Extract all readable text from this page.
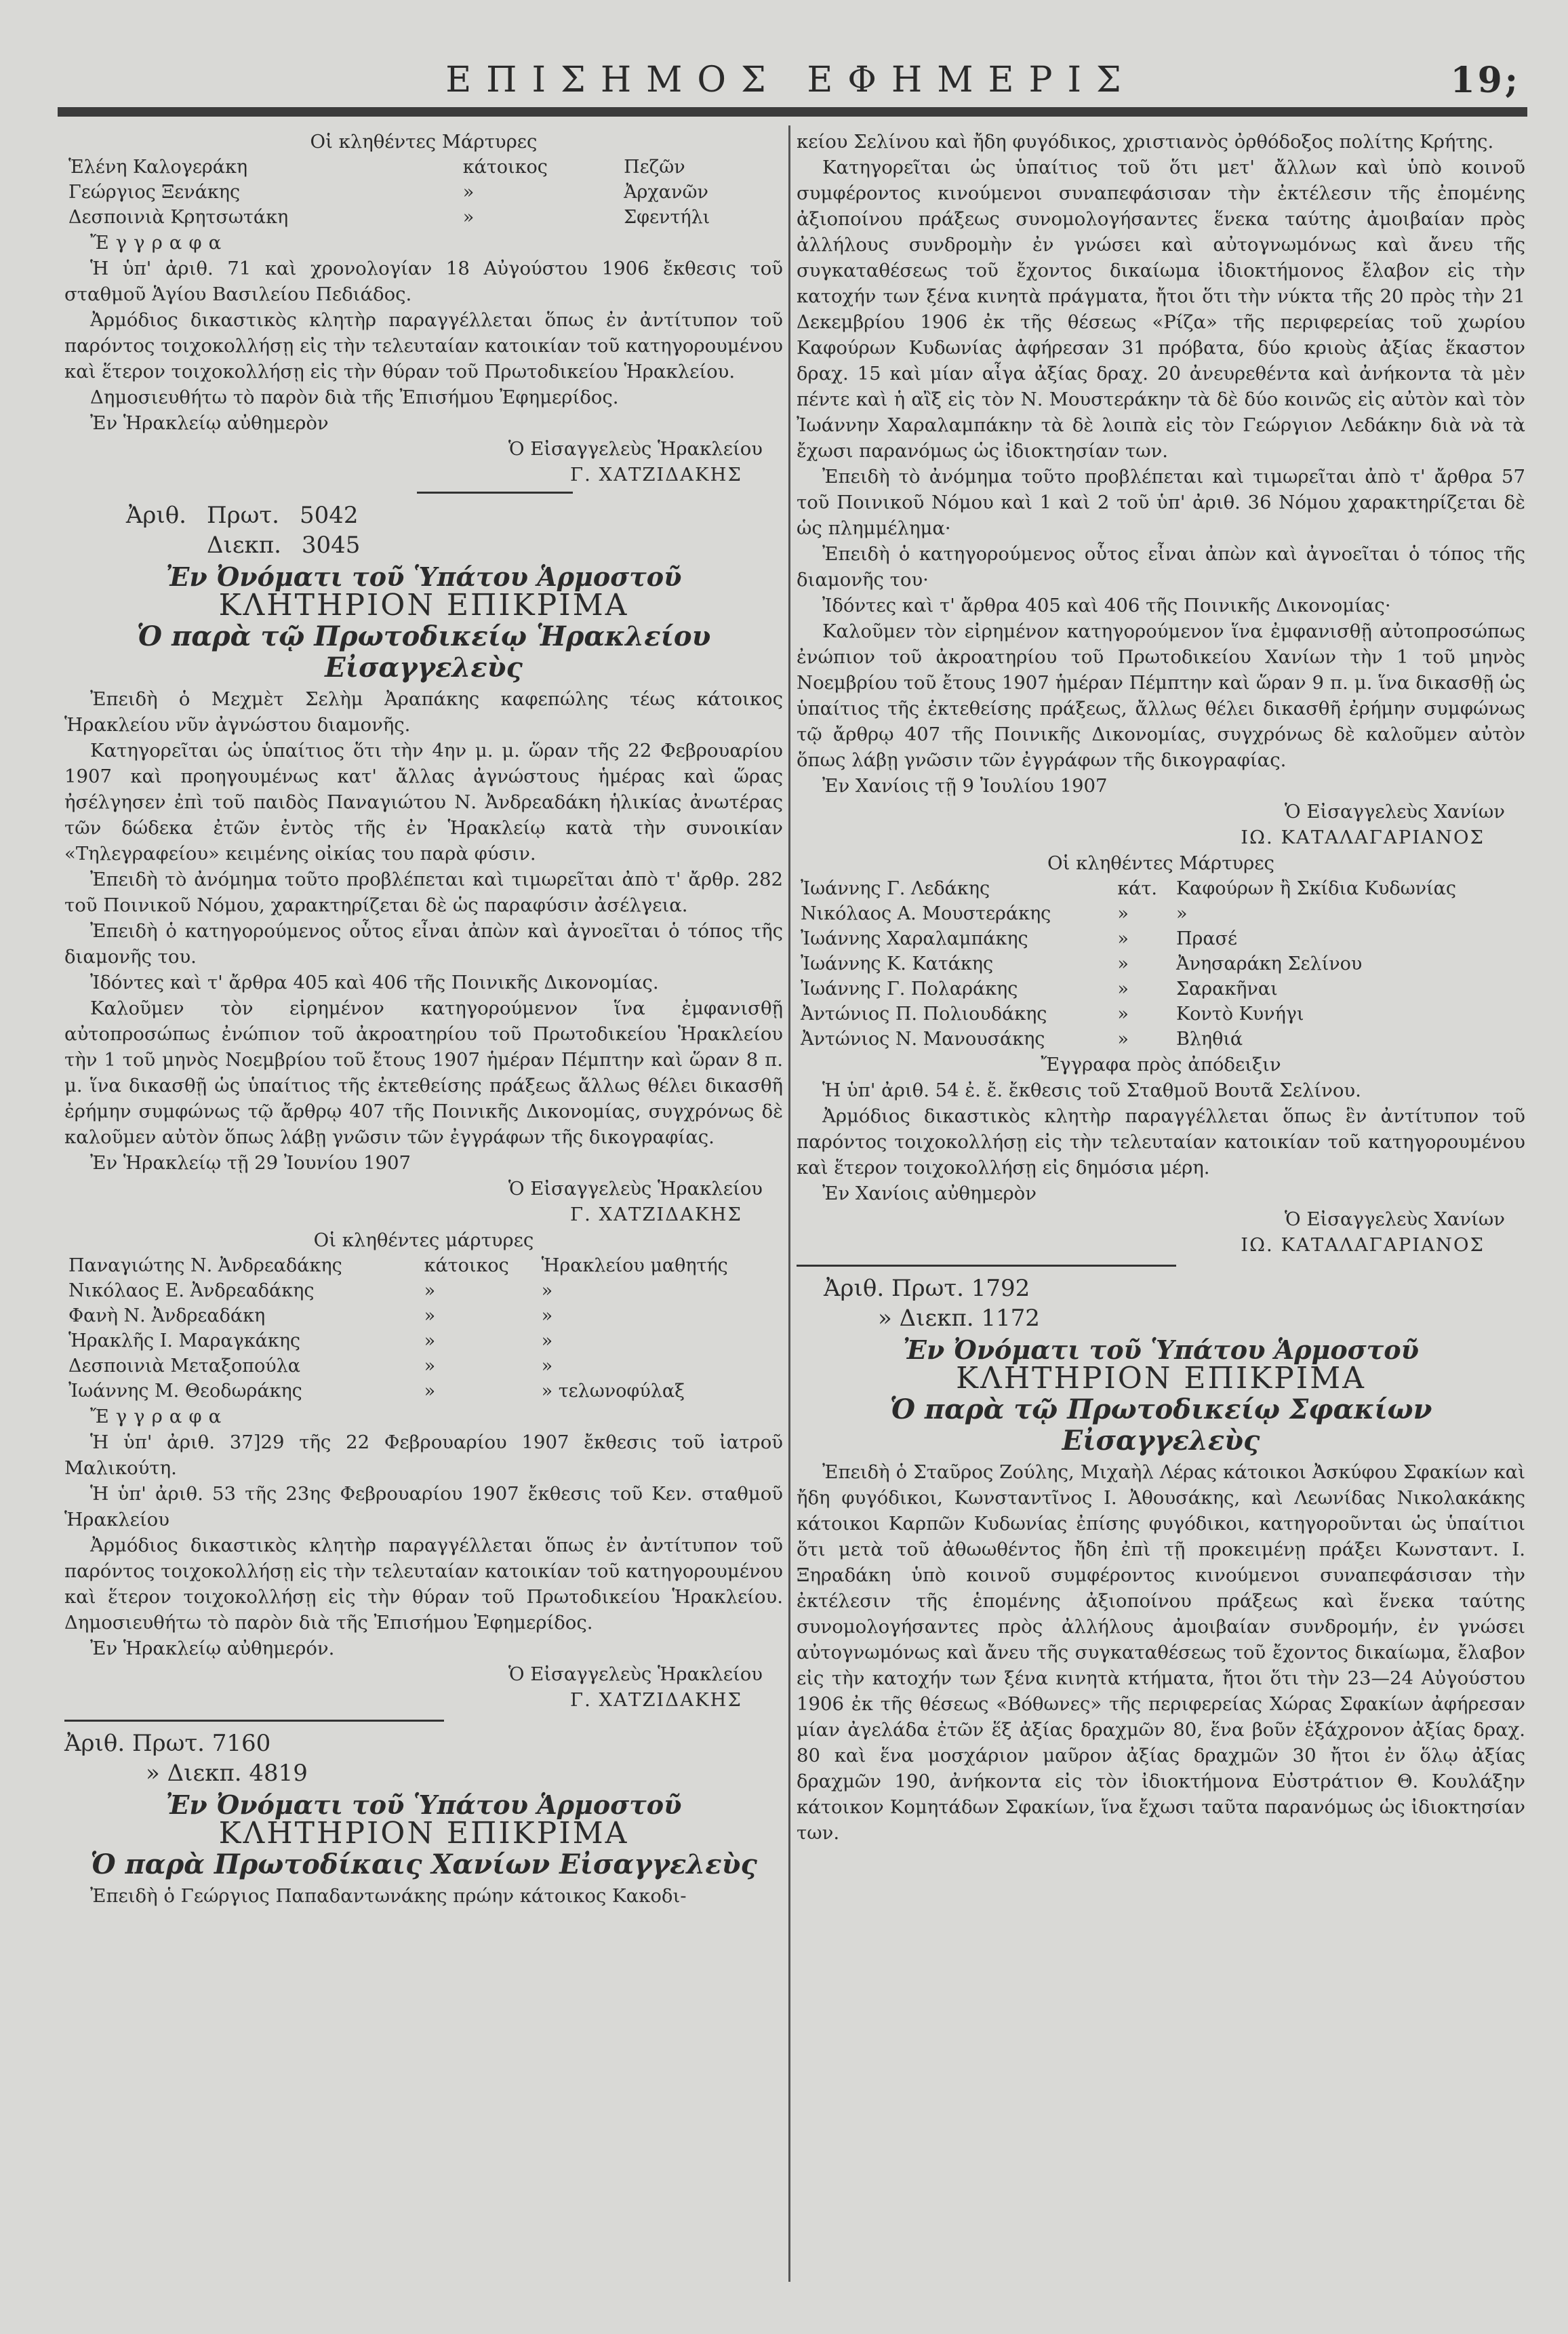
ΕΠΙΣΗΜΟΣ ΕΦΗΜΕΡΙΣ	19;

Οἱ κληθέντες Μάρτυρες

Ἑλένη Καλογεράκη	κάτοικος	Πεζῶν
Γεώργιος Ξενάκης	»	Ἀρχανῶν
Δεσποινιὰ Κρητσωτάκη	»	Σφεντήλι

Ἔγγραφα

Ἡ ὑπ' ἀριθ. 71 καὶ χρονολογίαν 18 Αὐγούστου 1906 ἔκθεσις τοῦ σταθμοῦ Ἁγίου Βασιλείου Πεδιάδος.

Ἀρμόδιος δικαστικὸς κλητὴρ παραγγέλλεται ὅπως ἐν ἀντίτυπον τοῦ παρόντος τοιχοκολλήσῃ εἰς τὴν τελευταίαν κατοικίαν τοῦ κατηγορουμένου καὶ ἕτερον τοιχοκολλήσῃ εἰς τὴν θύραν τοῦ Πρωτοδικείου Ἡρακλείου.

Δημοσιευθήτω τὸ παρὸν διὰ τῆς Ἐπισήμου Ἐφημερίδος.

Ἐν Ἡρακλείῳ αὐθημερὸν

Ὁ Εἰσαγγελεὺς Ἡρακλείου

Γ. ΧΑΤΖΙΔΑΚΗΣ

Ἀριθ. Πρωτ. 5042
Διεκπ. 3045
Ἐν Ὀνόματι τοῦ Ὑπάτου Ἁρμοστοῦ
ΚΛΗΤΗΡΙΟΝ ΕΠΙΚΡΙΜΑ
Ὁ παρὰ τῷ Πρωτοδικείῳ Ἡρακλείου Εἰσαγγελεὺς

Ἐπειδὴ ὁ Μεχμὲτ Σελὴμ Ἀραπάκης καφεπώλης τέως κάτοικος Ἡρακλείου νῦν ἀγνώστου διαμονῆς.

Κατηγορεῖται ὡς ὑπαίτιος ὅτι τὴν 4ην μ. μ. ὥραν τῆς 22 Φεβρουαρίου 1907 καὶ προηγουμένως κατ' ἄλλας ἀγνώστους ἡμέρας καὶ ὥρας ἠσέλγησεν ἐπὶ τοῦ παιδὸς Παναγιώτου Ν. Ἀνδρεαδάκη ἡλικίας ἀνωτέρας τῶν δώδεκα ἐτῶν ἐντὸς τῆς ἐν Ἡρακλείῳ κατὰ τὴν συνοικίαν «Τηλεγραφείου» κειμένης οἰκίας του παρὰ φύσιν.

Ἐπειδὴ τὸ ἀνόμημα τοῦτο προβλέπεται καὶ τιμωρεῖται ἀπὸ τ' ἄρθρ. 282 τοῦ Ποινικοῦ Νόμου, χαρακτηρίζεται δὲ ὡς παραφύσιν ἀσέλγεια.

Ἐπειδὴ ὁ κατηγορούμενος οὗτος εἶναι ἀπὼν καὶ ἀγνοεῖται ὁ τόπος τῆς διαμονῆς του.

Ἰδόντες καὶ τ' ἄρθρα 405 καὶ 406 τῆς Ποινικῆς Δικονομίας.

Καλοῦμεν τὸν εἰρημένον κατηγορούμενον ἵνα ἐμφανισθῇ αὐτοπροσώπως ἐνώπιον τοῦ ἀκροατηρίου τοῦ Πρωτοδικείου Ἡρακλείου τὴν 1 τοῦ μηνὸς Νοεμβρίου τοῦ ἔτους 1907 ἡμέραν Πέμπτην καὶ ὥραν 8 π. μ. ἵνα δικασθῇ ὡς ὑπαίτιος τῆς ἐκτεθείσης πράξεως ἄλλως θέλει δικασθῆ ἐρήμην συμφώνως τῷ ἄρθρῳ 407 τῆς Ποινικῆς Δικονομίας, συγχρόνως δὲ καλοῦμεν αὐτὸν ὅπως λάβῃ γνῶσιν τῶν ἐγγράφων τῆς δικογραφίας.

Ἐν Ἡρακλείῳ τῇ 29 Ἰουνίου 1907

Ὁ Εἰσαγγελεὺς Ἡρακλείου

Γ. ΧΑΤΖΙΔΑΚΗΣ

Οἱ κληθέντες μάρτυρες

Παναγιώτης Ν. Ἀνδρεαδάκης	κάτοικος	Ἡρακλείου μαθητής
Νικόλαος Ε. Ἀνδρεαδάκης	»	»
Φανὴ Ν. Ἀνδρεαδάκη	»	»
Ἡρακλῆς Ι. Μαραγκάκης	»	»
Δεσποινιὰ Μεταξοπούλα	»	»
Ἰωάννης Μ. Θεοδωράκης	»	» τελωνοφύλαξ

Ἔγγραφα

Ἡ ὑπ' ἀριθ. 37]29 τῆς 22 Φεβρουαρίου 1907 ἔκθεσις τοῦ ἰατροῦ Μαλικούτη.

Ἡ ὑπ' ἀριθ. 53 τῆς 23ης Φεβρουαρίου 1907 ἔκθεσις τοῦ Κεν. σταθμοῦ Ἡρακλείου

Ἀρμόδιος δικαστικὸς κλητὴρ παραγγέλλεται ὅπως ἐν ἀντίτυπον τοῦ παρόντος τοιχοκολλήσῃ εἰς τὴν τελευταίαν κατοικίαν τοῦ κατηγορουμένου καὶ ἕτερον τοιχοκολλήσῃ εἰς τὴν θύραν τοῦ Πρωτοδικείου Ἡρακλείου. Δημοσιευθήτω τὸ παρὸν διὰ τῆς Ἐπισήμου Ἐφημερίδος.

Ἐν Ἡρακλείῳ αὐθημερόν.

Ὁ Εἰσαγγελεὺς Ἡρακλείου

Γ. ΧΑΤΖΙΔΑΚΗΣ

Ἀριθ. Πρωτ. 7160
» Διεκπ. 4819
Ἐν Ὀνόματι τοῦ Ὑπάτου Ἁρμοστοῦ
ΚΛΗΤΗΡΙΟΝ ΕΠΙΚΡΙΜΑ
Ὁ παρὰ Πρωτοδίκαις Χανίων Εἰσαγγελεὺς

Ἐπειδὴ ὁ Γεώργιος Παπαδαντωνάκης πρώην κάτοικος Κακοδι-

κείου Σελίνου καὶ ἤδη φυγόδικος, χριστιανὸς ὀρθόδοξος πολίτης Κρήτης.

Κατηγορεῖται ὡς ὑπαίτιος τοῦ ὅτι μετ' ἄλλων καὶ ὑπὸ κοινοῦ συμφέροντος κινούμενοι συναπεφάσισαν τὴν ἐκτέλεσιν τῆς ἐπομένης ἀξιοποίνου πράξεως συνομολογήσαντες ἕνεκα ταύτης ἀμοιβαίαν πρὸς ἀλλήλους συνδρομὴν ἐν γνώσει καὶ αὐτογνωμόνως καὶ ἄνευ τῆς συγκαταθέσεως τοῦ ἔχοντος δικαίωμα ἰδιοκτήμονος ἔλαβον εἰς τὴν κατοχήν των ξένα κινητὰ πράγματα, ἤτοι ὅτι τὴν νύκτα τῆς 20 πρὸς τὴν 21 Δεκεμβρίου 1906 ἐκ τῆς θέσεως «Ρίζα» τῆς περιφερείας τοῦ χωρίου Καφούρων Κυδωνίας ἀφήρεσαν 31 πρόβατα, δύο κριοὺς ἀξίας ἕκαστον δραχ. 15 καὶ μίαν αἶγα ἀξίας δραχ. 20 ἀνευρεθέντα καὶ ἀνήκοντα τὰ μὲν πέντε καὶ ἡ αἲξ εἰς τὸν Ν. Μουστεράκην τὰ δὲ δύο κοινῶς εἰς αὐτὸν καὶ τὸν Ἰωάννην Χαραλαμπάκην τὰ δὲ λοιπὰ εἰς τὸν Γεώργιον Λεδάκην διὰ νὰ τὰ ἔχωσι παρανόμως ὡς ἰδιοκτησίαν των.

Ἐπειδὴ τὸ ἀνόμημα τοῦτο προβλέπεται καὶ τιμωρεῖται ἀπὸ τ' ἄρθρα 57 τοῦ Ποινικοῦ Νόμου καὶ 1 καὶ 2 τοῦ ὑπ' ἀριθ. 36 Νόμου χαρακτηρίζεται δὲ ὡς πλημμέλημα·

Ἐπειδὴ ὁ κατηγορούμενος οὗτος εἶναι ἀπὼν καὶ ἀγνοεῖται ὁ τόπος τῆς διαμονῆς του·

Ἰδόντες καὶ τ' ἄρθρα 405 καὶ 406 τῆς Ποινικῆς Δικονομίας·

Καλοῦμεν τὸν εἰρημένον κατηγορούμενον ἵνα ἐμφανισθῇ αὐτοπροσώπως ἐνώπιον τοῦ ἀκροατηρίου τοῦ Πρωτοδικείου Χανίων τὴν 1 τοῦ μηνὸς Νοεμβρίου τοῦ ἔτους 1907 ἡμέραν Πέμπτην καὶ ὥραν 9 π. μ. ἵνα δικασθῇ ὡς ὑπαίτιος τῆς ἐκτεθείσης πράξεως, ἄλλως θέλει δικασθῆ ἐρήμην συμφώνως τῷ ἄρθρῳ 407 τῆς Ποινικῆς Δικονομίας, συγχρόνως δὲ καλοῦμεν αὐτὸν ὅπως λάβῃ γνῶσιν τῶν ἐγγράφων τῆς δικογραφίας.

Ἐν Χανίοις τῇ 9 Ἰουλίου 1907

Ὁ Εἰσαγγελεὺς Χανίων

ΙΩ. ΚΑΤΑΛΑΓΑΡΙΑΝΟΣ

Οἱ κληθέντες Μάρτυρες

Ἰωάννης Γ. Λεδάκης	κάτ.	Καφούρων ἢ Σκίδια Κυδωνίας
Νικόλαος Α. Μουστεράκης	»	»
Ἰωάννης Χαραλαμπάκης	»	Πρασέ
Ἰωάννης Κ. Κατάκης	»	Ἀνησαράκη Σελίνου
Ἰωάννης Γ. Πολαράκης	»	Σαρακῆναι
Ἀντώνιος Π. Πολιουδάκης	»	Κοντὸ Κυνήγι
Ἀντώνιος Ν. Μανουσάκης	»	Βληθιά

Ἔγγραφα πρὸς ἀπόδειξιν

Ἡ ὑπ' ἀριθ. 54 ἐ. ἔ. ἔκθεσις τοῦ Σταθμοῦ Βουτᾶ Σελίνου.

Ἀρμόδιος δικαστικὸς κλητὴρ παραγγέλλεται ὅπως ἓν ἀντίτυπον τοῦ παρόντος τοιχοκολλήσῃ εἰς τὴν τελευταίαν κατοικίαν τοῦ κατηγορουμένου καὶ ἕτερον τοιχοκολλήσῃ εἰς δημόσια μέρη.

Ἐν Χανίοις αὐθημερὸν

Ὁ Εἰσαγγελεὺς Χανίων

ΙΩ. ΚΑΤΑΛΑΓΑΡΙΑΝΟΣ

Ἀριθ. Πρωτ. 1792
» Διεκπ. 1172
Ἐν Ὀνόματι τοῦ Ὑπάτου Ἁρμοστοῦ
ΚΛΗΤΗΡΙΟΝ ΕΠΙΚΡΙΜΑ
Ὁ παρὰ τῷ Πρωτοδικείῳ Σφακίων Εἰσαγγελεὺς

Ἐπειδὴ ὁ Σταῦρος Ζούλης, Μιχαὴλ Λέρας κάτοικοι Ἀσκύφου Σφακίων καὶ ἤδη φυγόδικοι, Κωνσταντῖνος Ι. Ἀθουσάκης, καὶ Λεωνίδας Νικολακάκης κάτοικοι Καρπῶν Κυδωνίας ἐπίσης φυγόδικοι, κατηγοροῦνται ὡς ὑπαίτιοι ὅτι μετὰ τοῦ ἀθωωθέντος ἤδη ἐπὶ τῇ προκειμένῃ πράξει Κωνσταντ. Ι. Ξηραδάκη ὑπὸ κοινοῦ συμφέροντος κινούμενοι συναπεφάσισαν τὴν ἐκτέλεσιν τῆς ἑπομένης ἀξιοποίνου πράξεως καὶ ἕνεκα ταύτης συνομολογήσαντες πρὸς ἀλλήλους ἀμοιβαίαν συνδρομήν, ἐν γνώσει αὐτογνωμόνως καὶ ἄνευ τῆς συγκαταθέσεως τοῦ ἔχοντος δικαίωμα, ἔλαβον εἰς τὴν κατοχήν των ξένα κινητὰ κτήματα, ἤτοι ὅτι τὴν 23—24 Αὐγούστου 1906 ἐκ τῆς θέσεως «Βόθωνες» τῆς περιφερείας Χώρας Σφακίων ἀφήρεσαν μίαν ἀγελάδα ἐτῶν ἕξ ἀξίας δραχμῶν 80, ἕνα βοῦν ἑξάχρονον ἀξίας δραχ. 80 καὶ ἕνα μοσχάριον μαῦρον ἀξίας δραχμῶν 30 ἤτοι ἐν ὅλῳ ἀξίας δραχμῶν 190, ἀνήκοντα εἰς τὸν ἰδιοκτήμονα Εὐστράτιον Θ. Κουλάξην κάτοικον Κομητάδων Σφακίων, ἵνα ἔχωσι ταῦτα παρανόμως ὡς ἰδιοκτησίαν των.
